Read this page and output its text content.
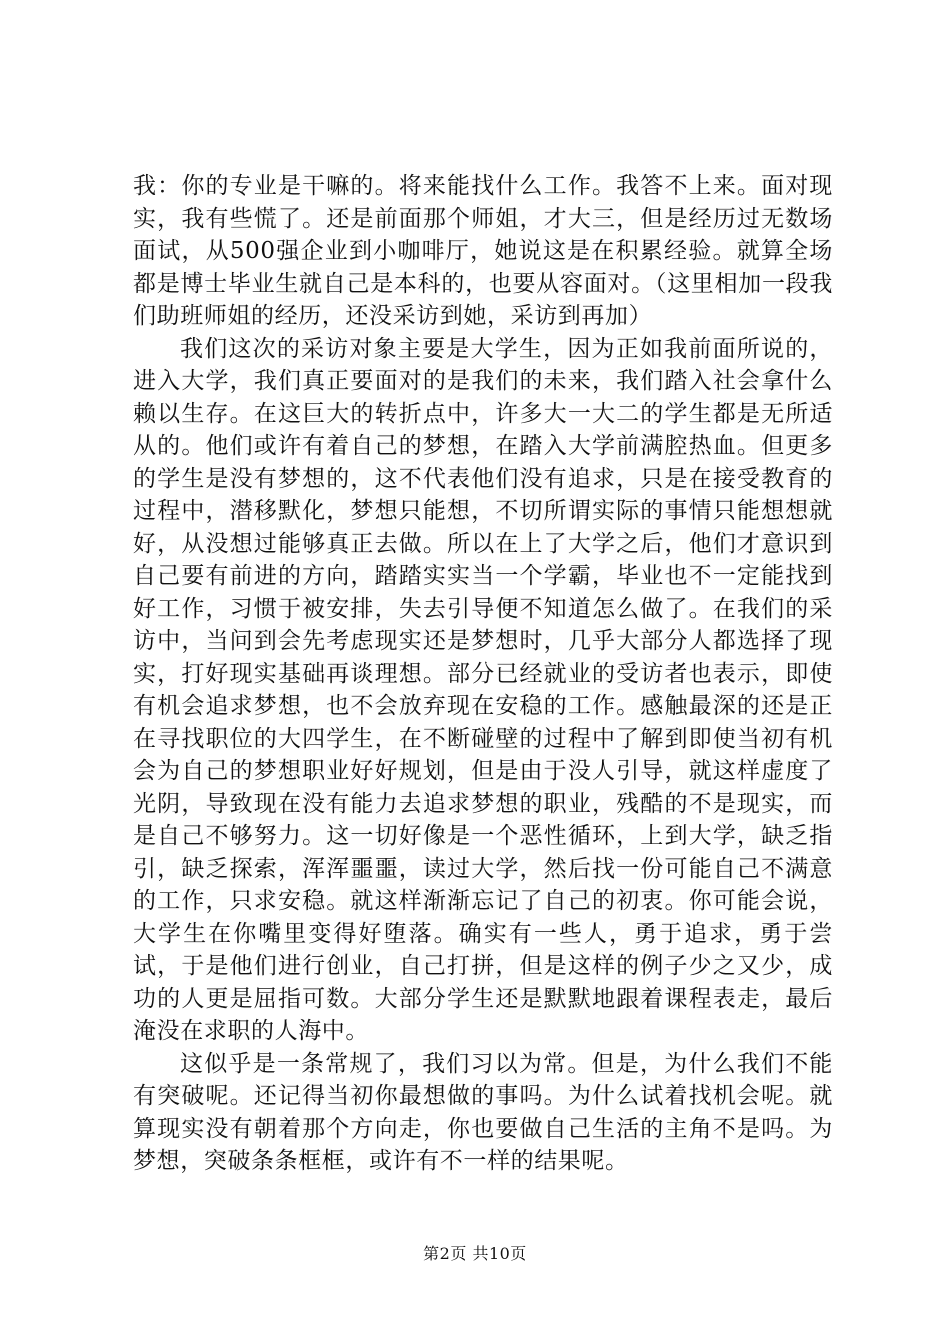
我：你的专业是干嘛的。将来能找什么工作。我答不上来。面对现实，我有些慌了。还是前面那个师姐，才大三，但是经历过无数场面试，从500强企业到小咖啡厅，她说这是在积累经验。就算全场都是博士毕业生就自己是本科的，也要从容面对。（这里相加一段我们助班师姐的经历，还没采访到她，采访到再加）

我们这次的采访对象主要是大学生，因为正如我前面所说的，进入大学，我们真正要面对的是我们的未来，我们踏入社会拿什么赖以生存。在这巨大的转折点中，许多大一大二的学生都是无所适从的。他们或许有着自己的梦想，在踏入大学前满腔热血。但更多的学生是没有梦想的，这不代表他们没有追求，只是在接受教育的过程中，潜移默化，梦想只能想，不切所谓实际的事情只能想想就好，从没想过能够真正去做。所以在上了大学之后，他们才意识到自己要有前进的方向，踏踏实实当一个学霸，毕业也不一定能找到好工作，习惯于被安排，失去引导便不知道怎么做了。在我们的采访中，当问到会先考虑现实还是梦想时，几乎大部分人都选择了现实，打好现实基础再谈理想。部分已经就业的受访者也表示，即使有机会追求梦想，也不会放弃现在安稳的工作。感触最深的还是正在寻找职位的大四学生，在不断碰壁的过程中了解到即使当初有机会为自己的梦想职业好好规划，但是由于没人引导，就这样虚度了光阴，导致现在没有能力去追求梦想的职业，残酷的不是现实，而是自己不够努力。这一切好像是一个恶性循环，上到大学，缺乏指引，缺乏探索，浑浑噩噩，读过大学，然后找一份可能自己不满意的工作，只求安稳。就这样渐渐忘记了自己的初衷。你可能会说，大学生在你嘴里变得好堕落。确实有一些人，勇于追求，勇于尝试，于是他们进行创业，自己打拼，但是这样的例子少之又少，成功的人更是屈指可数。大部分学生还是默默地跟着课程表走，最后淹没在求职的人海中。

这似乎是一条常规了，我们习以为常。但是，为什么我们不能有突破呢。还记得当初你最想做的事吗。为什么试着找机会呢。就算现实没有朝着那个方向走，你也要做自己生活的主角不是吗。为梦想，突破条条框框，或许有不一样的结果呢。

第2页 共10页
